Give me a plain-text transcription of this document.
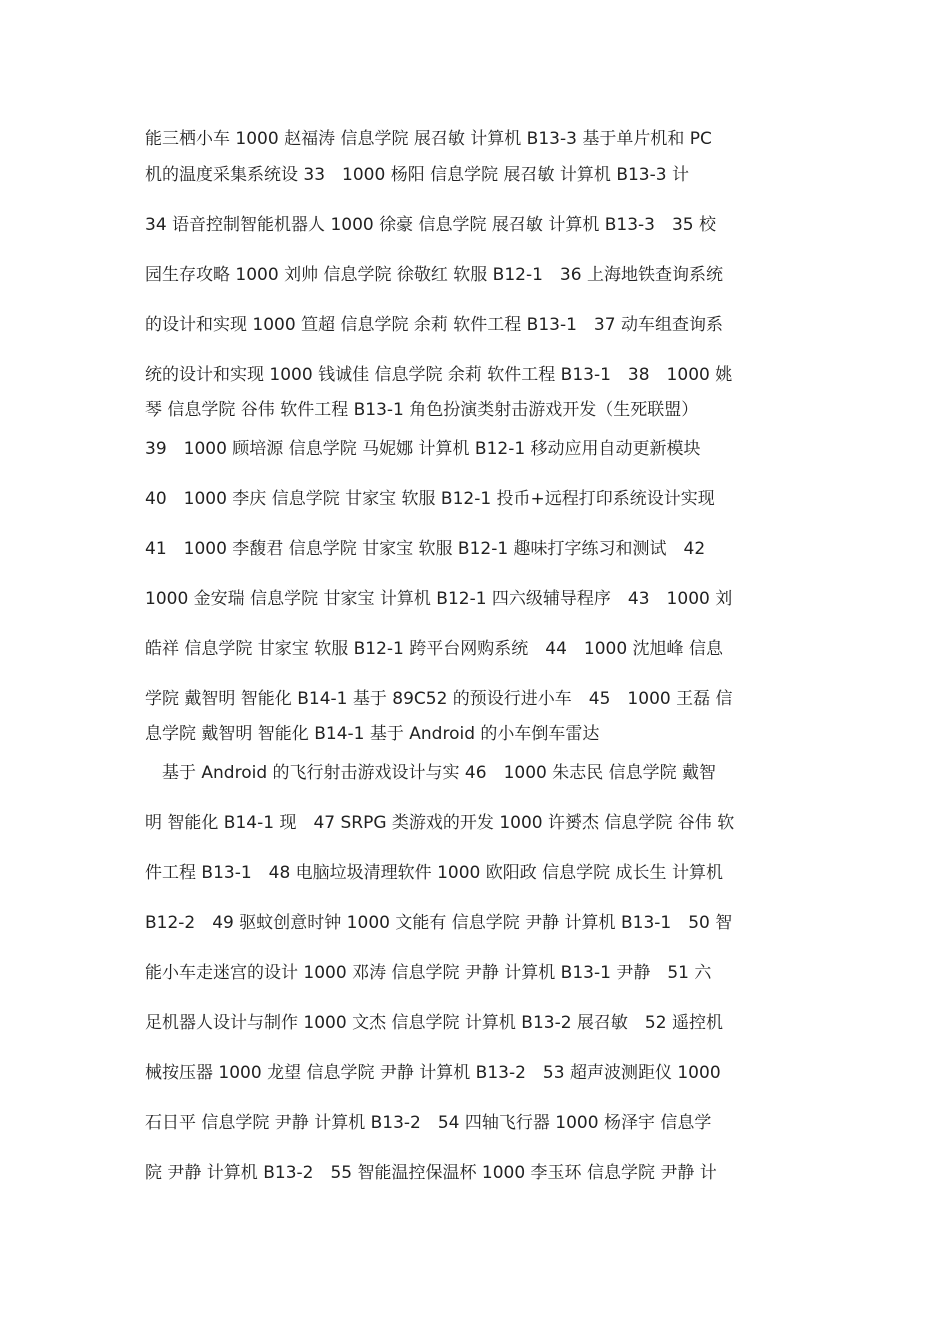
能三栖小车 1000 赵福涛 信息学院 展召敏 计算机 B13-3 基于单片机和 PC
机的温度采集系统设 33　1000 杨阳 信息学院 展召敏 计算机 B13-3 计
34 语音控制智能机器人 1000 徐豪 信息学院 展召敏 计算机 B13-3　35 校
园生存攻略 1000 刘帅 信息学院 徐敬红 软服 B12-1　36 上海地铁查询系统
的设计和实现 1000 笪超 信息学院 余莉 软件工程 B13-1　37 动车组查询系
统的设计和实现 1000 钱诚佳 信息学院 余莉 软件工程 B13-1　38　1000 姚
琴 信息学院 谷伟 软件工程 B13-1 角色扮演类射击游戏开发（生死联盟）
39　1000 顾培源 信息学院 马妮娜 计算机 B12-1 移动应用自动更新模块
40　1000 李庆 信息学院 甘家宝 软服 B12-1 投币+远程打印系统设计实现
41　1000 李馥君 信息学院 甘家宝 软服 B12-1 趣味打字练习和测试　42
1000 金安瑞 信息学院 甘家宝 计算机 B12-1 四六级辅导程序　43　1000 刘
皓祥 信息学院 甘家宝 软服 B12-1 跨平台网购系统　44　1000 沈旭峰 信息
学院 戴智明 智能化 B14-1 基于 89C52 的预设行进小车　45　1000 王磊 信
息学院 戴智明 智能化 B14-1 基于 Android 的小车倒车雷达
　基于 Android 的飞行射击游戏设计与实 46　1000 朱志民 信息学院 戴智
明 智能化 B14-1 现　47 SRPG 类游戏的开发 1000 许赟杰 信息学院 谷伟 软
件工程 B13-1　48 电脑垃圾清理软件 1000 欧阳政 信息学院 成长生 计算机
B12-2　49 驱蚊创意时钟 1000 文能有 信息学院 尹静 计算机 B13-1　50 智
能小车走迷宫的设计 1000 邓涛 信息学院 尹静 计算机 B13-1 尹静　51 六
足机器人设计与制作 1000 文杰 信息学院 计算机 B13-2 展召敏　52 遥控机
械按压器 1000 龙望 信息学院 尹静 计算机 B13-2　53 超声波测距仪 1000
石日平 信息学院 尹静 计算机 B13-2　54 四轴飞行器 1000 杨泽宇 信息学
院 尹静 计算机 B13-2　55 智能温控保温杯 1000 李玉环 信息学院 尹静 计
